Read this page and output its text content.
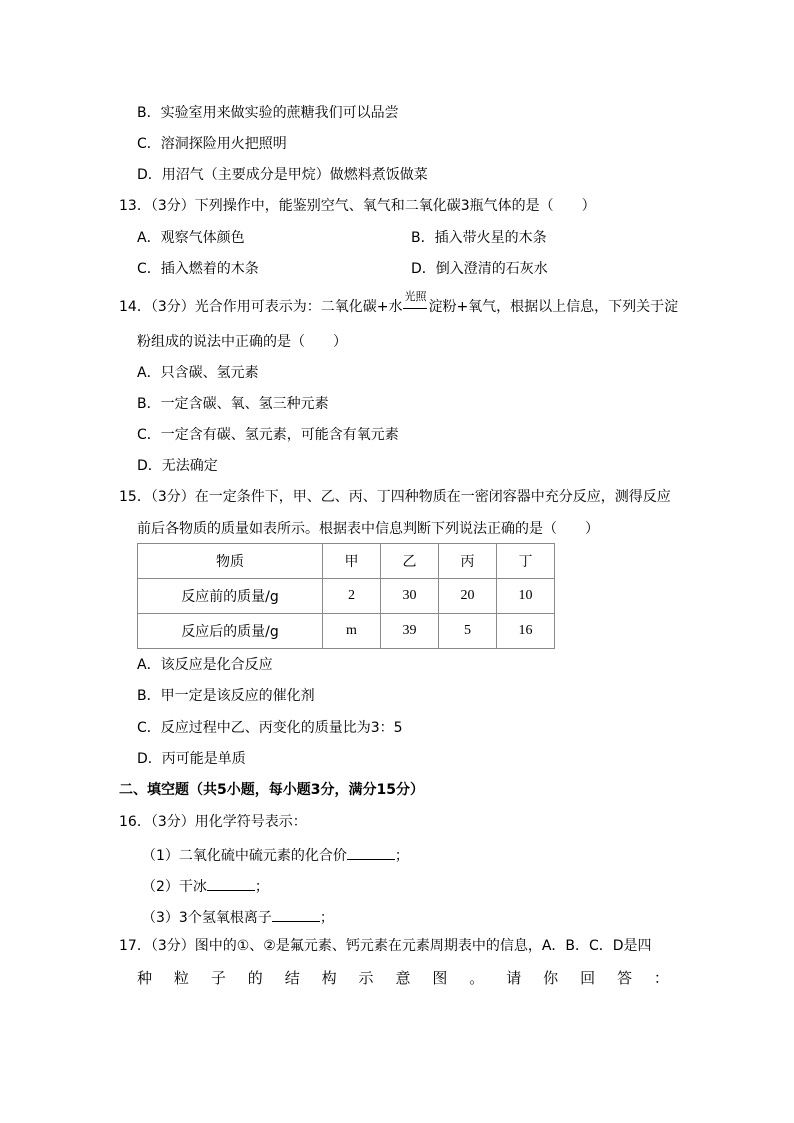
B．实验室用来做实验的蔗糖我们可以品尝
C．溶洞探险用火把照明
D．用沼气（主要成分是甲烷）做燃料煮饭做菜
13．（3分）下列操作中，能鉴别空气、氧气和二氧化碳3瓶气体的是（　　）
A．观察气体颜色	B．插入带火星的木条
C．插入燃着的木条	D．倒入澄清的石灰水
14．（3分）光合作用可表示为：二氧化碳+水
光照
淀粉+氧气，根据以上信息，下列关于淀
粉组成的说法中正确的是（　　）
A．只含碳、氢元素
B．一定含碳、氧、氢三种元素
C．一定含有碳、氢元素，可能含有氧元素
D．无法确定
15．（3分）在一定条件下，甲、乙、丙、丁四种物质在一密闭容器中充分反应，测得反应
前后各物质的质量如表所示。根据表中信息判断下列说法正确的是（　　）
物质	甲	乙	丙	丁
反应前的质量/g	2	30	20	10
反应后的质量/g	m	39	5	16
A．该反应是化合反应
B．甲一定是该反应的催化剂
C．反应过程中乙、丙变化的质量比为3：5
D．丙可能是单质
二、填空题（共5小题，每小题3分，满分15分）
16．（3分）用化学符号表示：
（1）二氧化硫中硫元素的化合价	；
（2）干冰	；
（3）3个氢氧根离子	；
17．（3分）图中的①、②是氟元素、钙元素在元素周期表中的信息，A．B．C．D是四
种 粒 子 的 结 构 示 意 图 。 请 你 回 答 ：
